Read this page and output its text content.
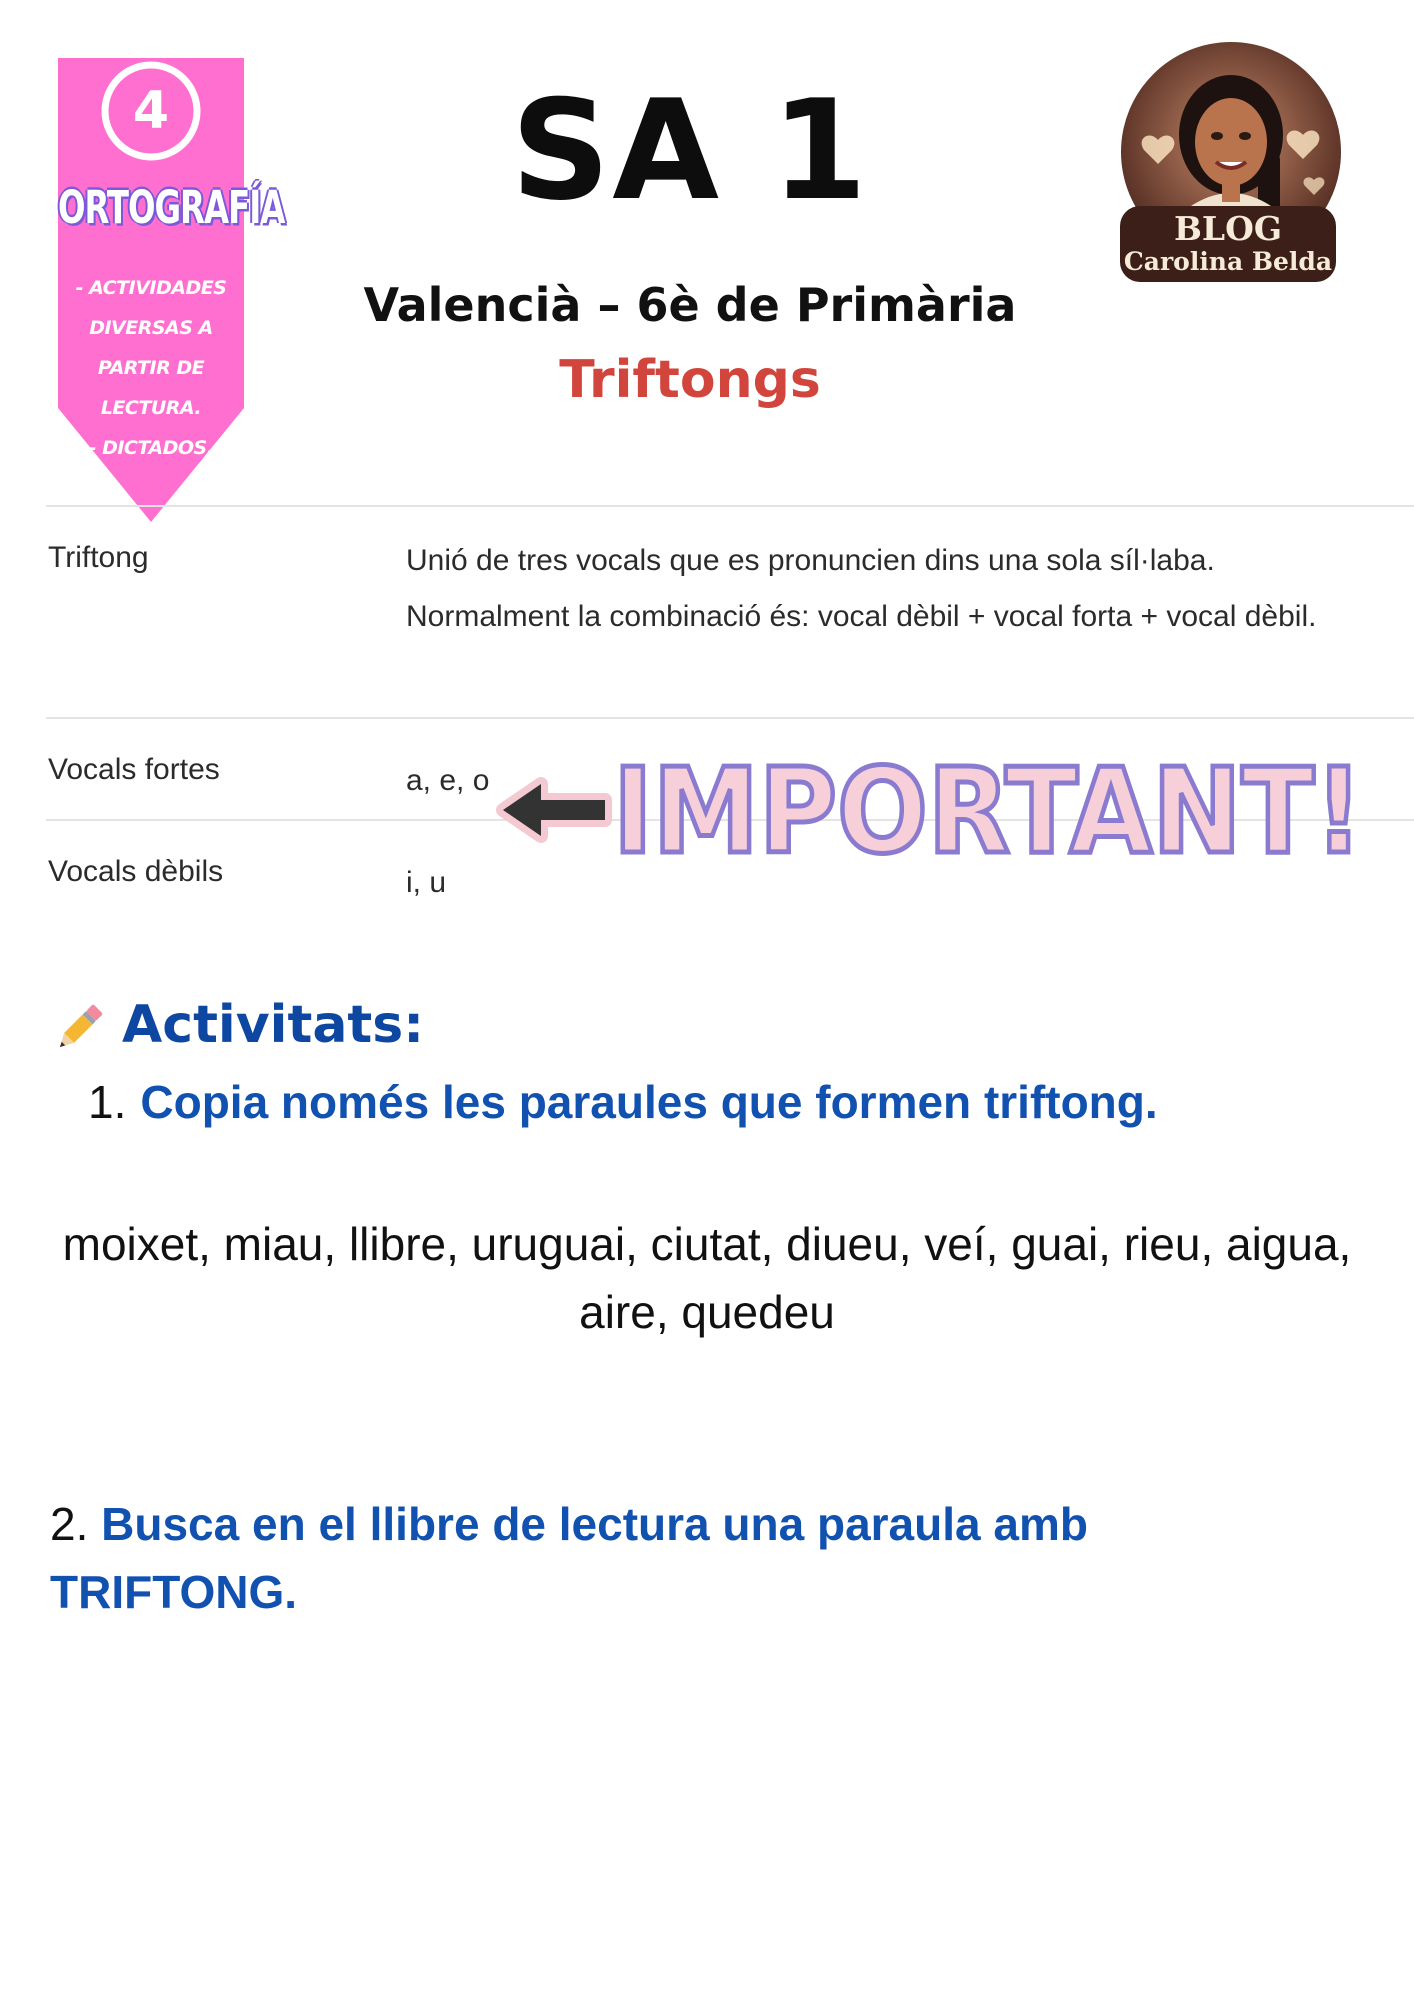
4
ORTOGRAFÍA
- ACTIVIDADES
DIVERSAS A PARTIR DE
LECTURA.
- DICTADOS.
SA 1
Valencià – 6è de Primària
Triftongs
BLOG
Carolina Belda
Triftong	Unió de tres vocals que es pronuncien dins una sola síl·laba. Normalment la combinació és: vocal dèbil + vocal forta + vocal dèbil.
Vocals fortes	a, e, o
Vocals dèbils	i, u
IMPORTANT!
Activitats:
1. Copia només les paraules que formen triftong.
moixet, miau, llibre, uruguai, ciutat, diueu, veí, guai, rieu, aigua, aire, quedeu
2. Busca en el llibre de lectura una paraula amb TRIFTONG.
